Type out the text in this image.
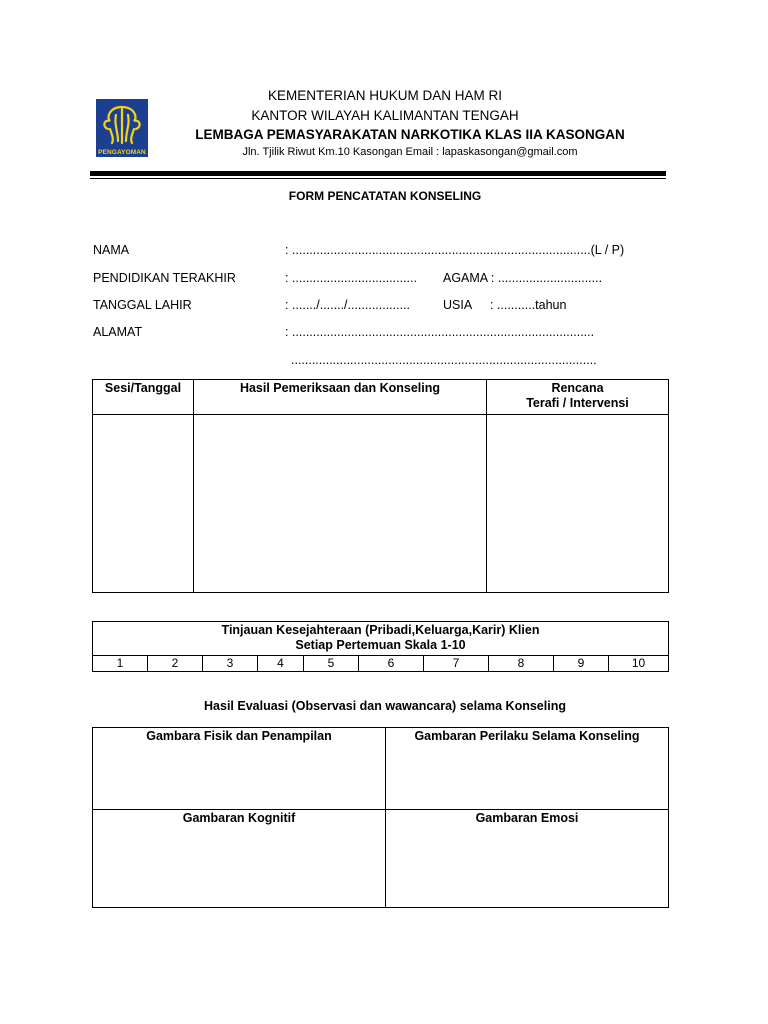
PENGAYOMAN
KEMENTERIAN HUKUM DAN HAM RI
KANTOR WILAYAH KALIMANTAN TENGAH
LEMBAGA PEMASYARAKATAN NARKOTIKA KLAS IIA KASONGAN
Jln. Tjilik Riwut Km.10 Kasongan Email : lapaskasongan@gmail.com
FORM PENCATATAN KONSELING
NAMA	: ......................................................................................(L / P)
PENDIDIKAN TERAKHIR	: .................................... AGAMA : ..............................
TANGGAL LAHIR	: ......./......./..................	USIA : ...........tahun
ALAMAT	: .......................................................................................
........................................................................................
Sesi/Tanggal	Hasil Pemeriksaan dan Konseling	Rencana
Terafi / Intervensi

Tinjauan Kesejahteraan (Pribadi,Keluarga,Karir) Klien
Setiap Pertemuan Skala 1-10
1	2	3	4	5	6	7	8	9	10
Hasil Evaluasi (Observasi dan wawancara) selama Konseling
Gambara Fisik dan Penampilan	Gambaran Perilaku Selama Konseling
Gambaran Kognitif	Gambaran Emosi
